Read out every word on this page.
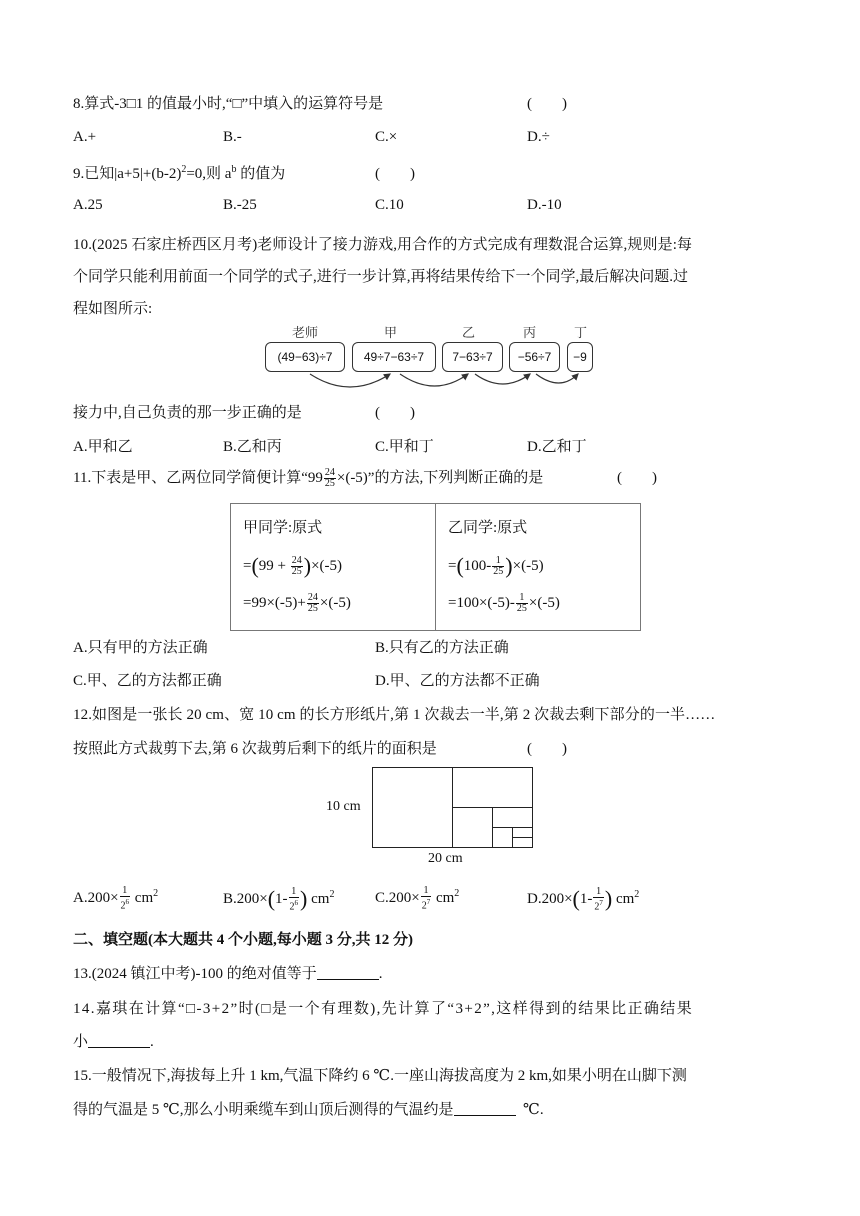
8.算式-3□1 的值最小时,“□”中填入的运算符号是	(　　)
A.+	B.-	C.×	D.÷
9.已知$|a+5|+(b-2)^2=0$,则 $a^b$ 的值为	(　　)
A.25	B.-25	C.10	D.-10
10.(2025 石家庄桥西区月考)老师设计了接力游戏,用合作的方式完成有理数混合运算,规则是:每
个同学只能利用前面一个同学的式子,进行一步计算,再将结果传给下一个同学,最后解决问题.过
程如图所示:
老师	甲	乙	丙	丁
(49−63)÷7	49÷7−63÷7	7−63÷7	−56÷7	−9
接力中,自己负责的那一步正确的是	(　　)
A.甲和乙	B.乙和丙	C.甲和丁	D.乙和丁
11.下表是甲、乙两位同学简便计算“$99 \frac{24}{25} \times(-5)$”的方法,下列判断正确的是	(　　)
甲同学:原式
$=(99 + \frac{24}{25} )\times(-5)$
$=99\times(-5)+ \frac{24}{25} \times(-5)$

乙同学:原式
$=(100- \frac{1}{25} )\times(-5)$
$=100\times(-5)- \frac{1}{25} \times(-5)$
A.只有甲的方法正确	B.只有乙的方法正确
C.甲、乙的方法都正确	D.甲、乙的方法都不正确
12.如图是一张长 20 cm、宽 10 cm 的长方形纸片,第 1 次裁去一半,第 2 次裁去剩下部分的一半……
按照此方式裁剪下去,第 6 次裁剪后剩下的纸片的面积是	(　　)
10 cm
20 cm
$A.200\times \frac{1}{2^6} cm^2$	$B.200\times(1- \frac{1}{2^6}$ ) $cm^2$	$C.200\times \frac{1}{2^7} cm^2$	$D.200\times(1- \frac{1}{2^7}$ ) $cm^2$
二、填空题(本大题共 4 个小题,每小题 3 分,共 12 分)
13.(2024 镇江中考)-100 的绝对值等于	.
14.嘉琪在计算“□-3+2”时(□是一个有理数),先计算了“3+2”,这样得到的结果比正确结果
小	.
15.一般情况下,海拔每上升 1 km,气温下降约 6 ℃.一座山海拔高度为 2 km,如果小明在山脚下测
得的气温是 5 ℃,那么小明乘缆车到山顶后测得的气温约是	℃.
